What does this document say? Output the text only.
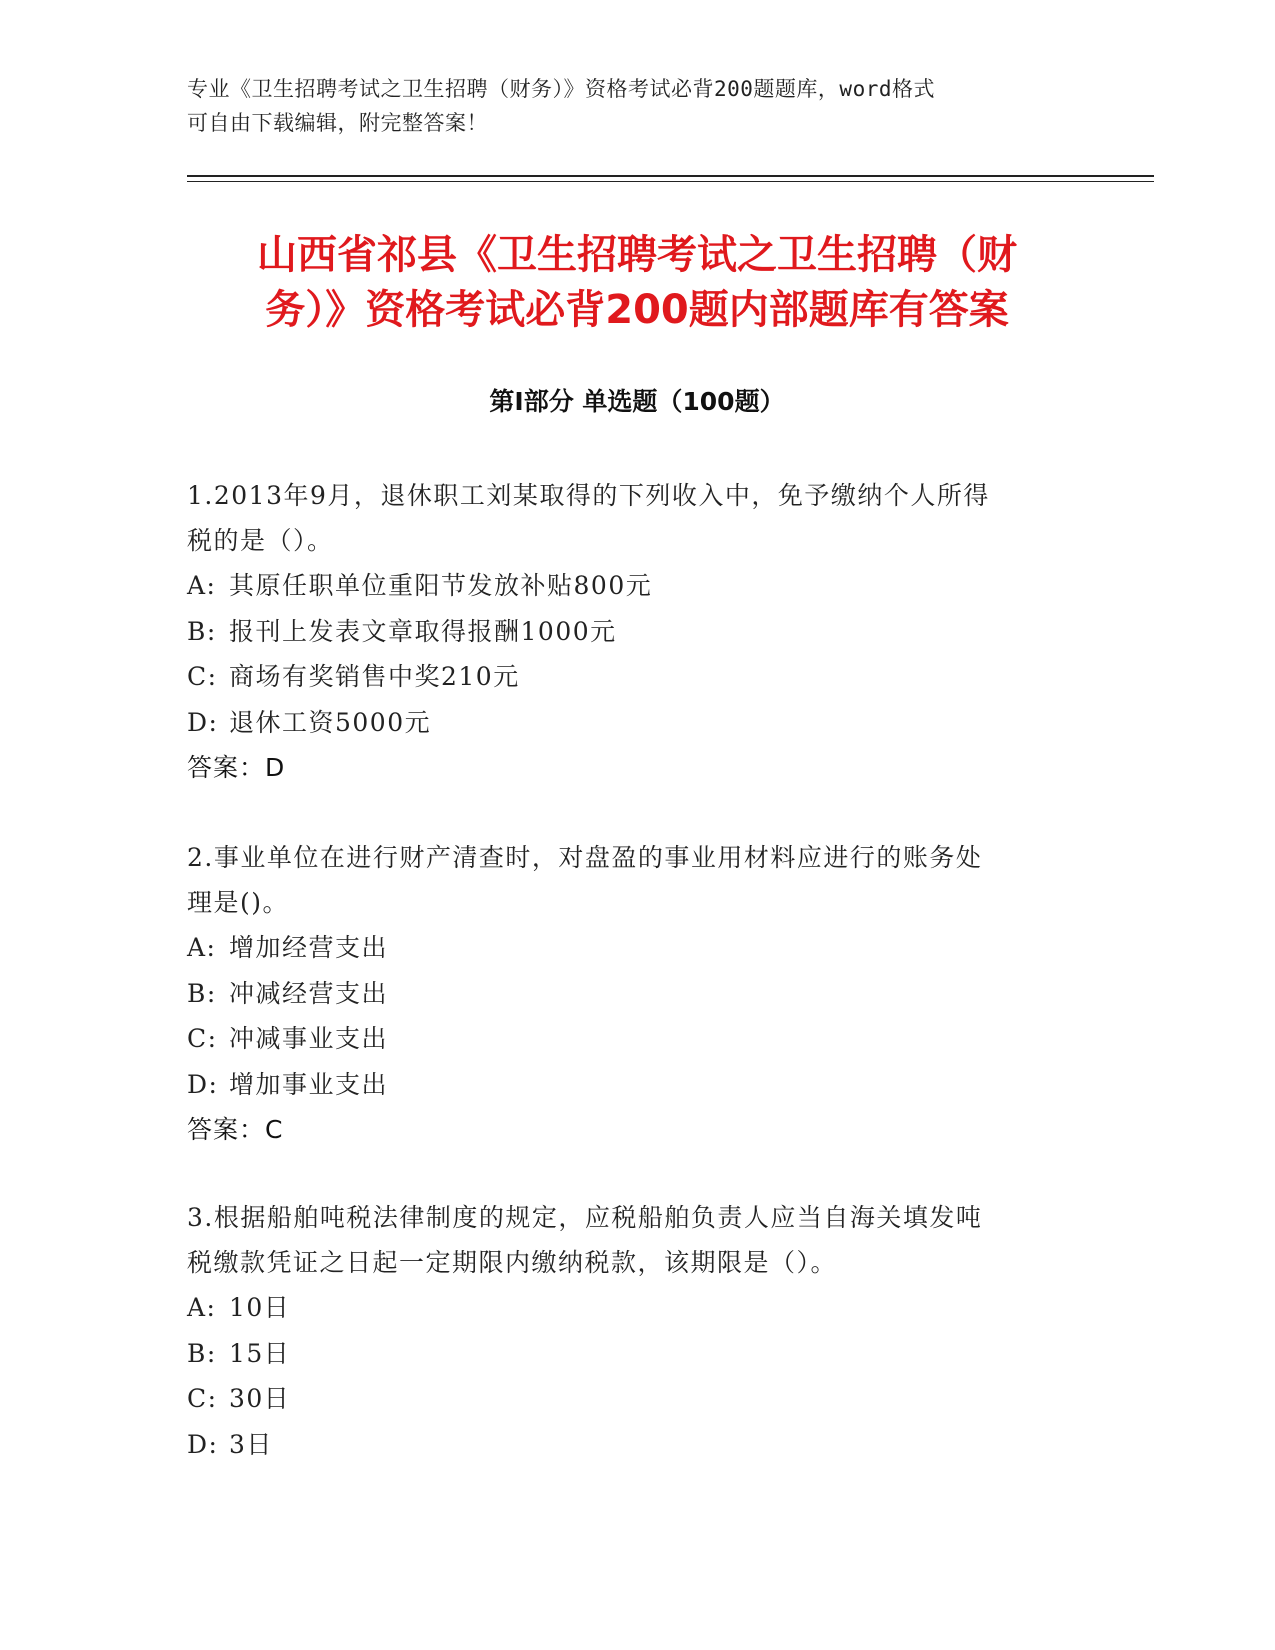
专业《卫生招聘考试之卫生招聘（财务）》资格考试必背200题题库，word格式
可自由下载编辑，附完整答案！
山西省祁县《卫生招聘考试之卫生招聘（财
务）》资格考试必背200题内部题库有答案
第Ⅰ部分 单选题（100题）
1.2013年9月，退休职工刘某取得的下列收入中，免予缴纳个人所得
税的是（）。
A: 其原任职单位重阳节发放补贴800元
B: 报刊上发表文章取得报酬1000元
C: 商场有奖销售中奖210元
D: 退休工资5000元
答案：D
2.事业单位在进行财产清查时，对盘盈的事业用材料应进行的账务处
理是()。
A: 增加经营支出
B: 冲减经营支出
C: 冲减事业支出
D: 增加事业支出
答案：C
3.根据船舶吨税法律制度的规定，应税船舶负责人应当自海关填发吨
税缴款凭证之日起一定期限内缴纳税款，该期限是（）。
A: 10日
B: 15日
C: 30日
D: 3日
